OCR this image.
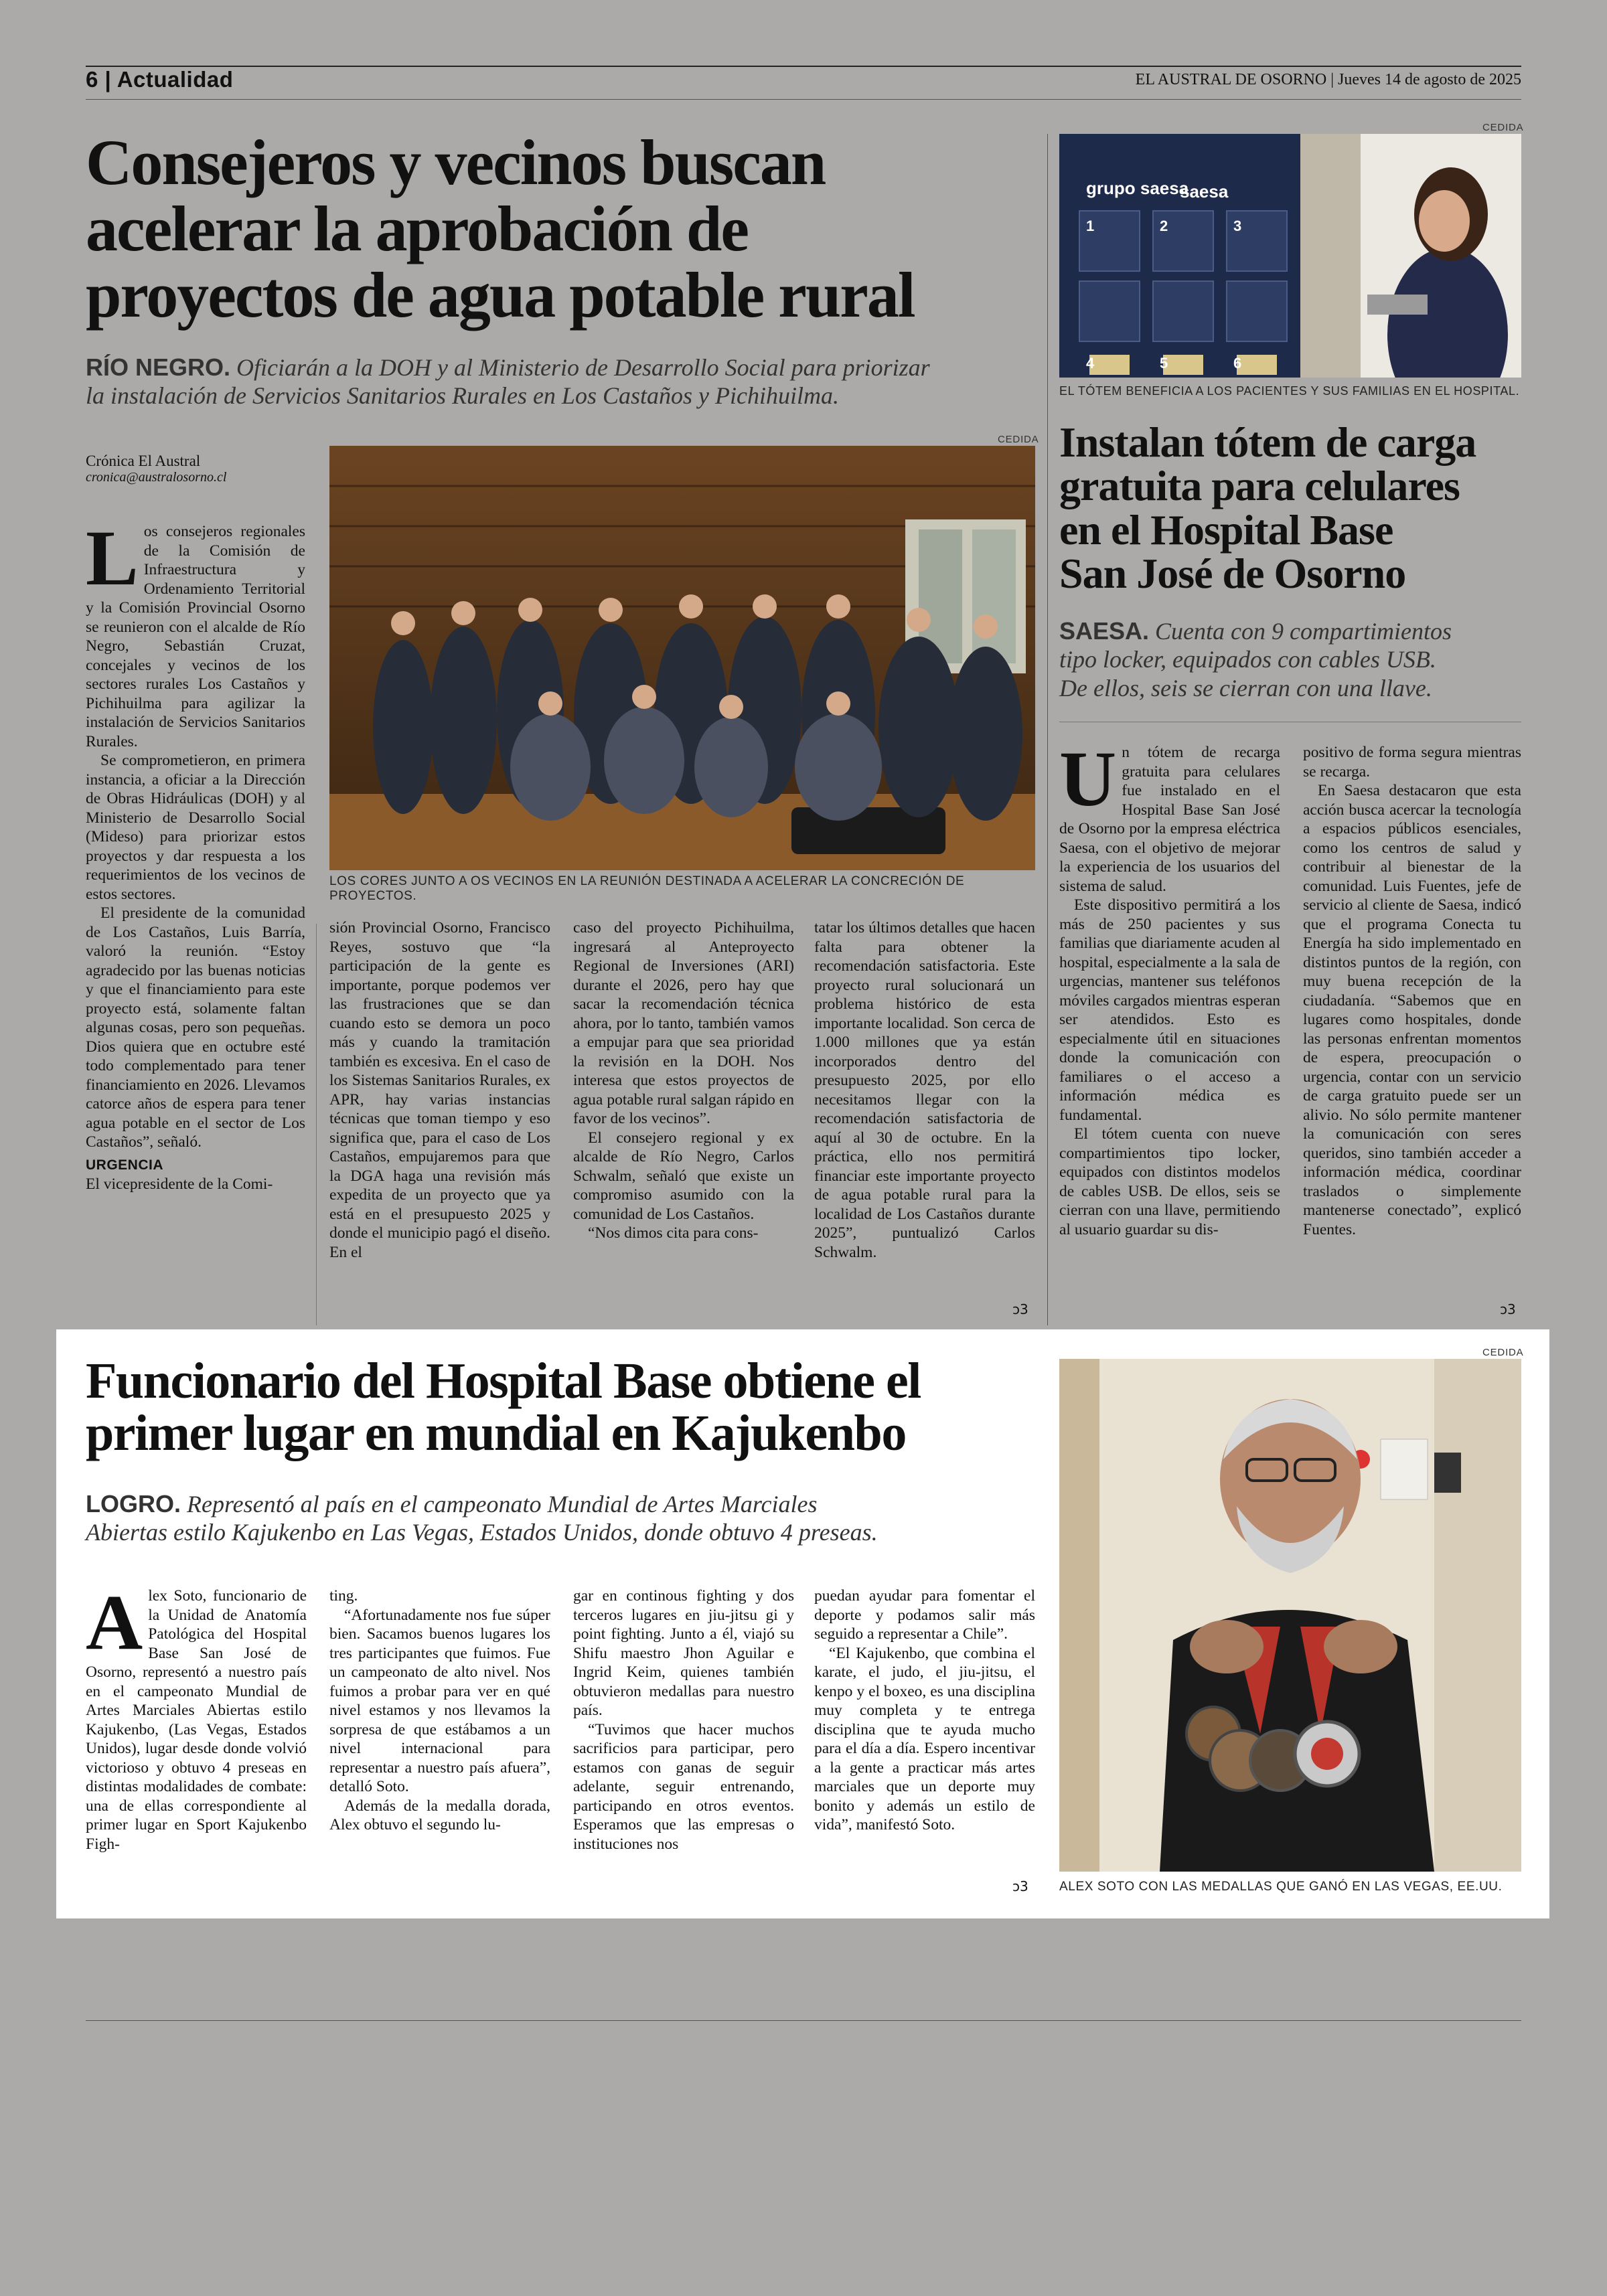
6 | Actualidad	EL AUSTRAL DE OSORNO | Jueves 14 de agosto de 2025
Consejeros y vecinos buscan
acelerar la aprobación de
proyectos de agua potable rural
RÍO NEGRO. Oficiarán a la DOH y al Ministerio de Desarrollo Social para priorizar
la instalación de Servicios Sanitarios Rurales en Los Castaños y Pichihuilma.
Crónica El Austral
cronica@australosorno.cl
CEDIDA
LOS CORES JUNTO A OS VECINOS EN LA REUNIÓN DESTINADA A ACELERAR LA CONCRECIÓN DE PROYECTOS.
L os consejeros regionales de la Comisión de Infraestructura y Ordenamiento Territorial y la Comisión Provincial Osorno se reunieron con el alcalde de Río Negro, Sebastián Cruzat, concejales y vecinos de los sectores rurales Los Castaños y Pichihuilma para agilizar la instalación de Servicios Sanitarios Rurales.

Se comprometieron, en primera instancia, a oficiar a la Dirección de Obras Hidráulicas (DOH) y al Ministerio de Desarrollo Social (Mideso) para priorizar estos proyectos y dar respuesta a los requerimientos de los vecinos de estos sectores.

El presidente de la comunidad de Los Castaños, Luis Barría, valoró la reunión. “Estoy agradecido por las buenas noticias y que el financiamiento para este proyecto está, solamente faltan algunas cosas, pero son pequeñas. Dios quiera que en octubre esté todo complementado para tener financiamiento en 2026. Llevamos catorce años de espera para tener agua potable en el sector de Los Castaños”, señaló.

URGENCIA

El vicepresidente de la Comi-

sión Provincial Osorno, Francisco Reyes, sostuvo que “la participación de la gente es importante, porque podemos ver las frustraciones que se dan cuando esto se demora un poco más y cuando la tramitación también es excesiva. En el caso de los Sistemas Sanitarios Rurales, ex APR, hay varias instancias técnicas que toman tiempo y eso significa que, para el caso de Los Castaños, empujaremos para que la DGA haga una revisión más expedita de un proyecto que ya está en el presupuesto 2025 y donde el municipio pagó el diseño. En el

caso del proyecto Pichihuilma, ingresará al Anteproyecto Regional de Inversiones (ARI) durante el 2026, pero hay que sacar la recomendación técnica ahora, por lo tanto, también vamos a empujar para que sea prioridad la revisión en la DOH. Nos interesa que estos proyectos de agua potable rural salgan rápido en favor de los vecinos”.

El consejero regional y ex alcalde de Río Negro, Carlos Schwalm, señaló que existe un compromiso asumido con la comunidad de Los Castaños.

“Nos dimos cita para cons-

tatar los últimos detalles que hacen falta para obtener la recomendación satisfactoria. Este proyecto rural solucionará un problema histórico de esta importante localidad. Son cerca de 1.000 millones que ya están incorporados dentro del presupuesto 2025, por ello necesitamos llegar con la recomendación satisfactoria de aquí al 30 de octubre. En la práctica, ello nos permitirá financiar este importante proyecto de agua potable rural para la localidad de Los Castaños durante 2025”, puntualizó Carlos Schwalm.

ↄ3
CEDIDA
grupo saesa
saesa
1	2	3
4	5	6
EL TÓTEM BENEFICIA A LOS PACIENTES Y SUS FAMILIAS EN EL HOSPITAL.
Instalan tótem de carga
gratuita para celulares
en el Hospital Base
San José de Osorno
SAESA. Cuenta con 9 compartimientos
tipo locker, equipados con cables USB.
De ellos, seis se cierran con una llave.
U n tótem de recarga gratuita para celulares fue instalado en el Hospital Base San José de Osorno por la empresa eléctrica Saesa, con el objetivo de mejorar la experiencia de los usuarios del sistema de salud.

Este dispositivo permitirá a los más de 250 pacientes y sus familias que diariamente acuden al hospital, especialmente a la sala de urgencias, mantener sus teléfonos móviles cargados mientras esperan ser atendidos. Esto es especialmente útil en situaciones donde la comunicación con familiares o el acceso a información médica es fundamental.

El tótem cuenta con nueve compartimientos tipo locker, equipados con distintos modelos de cables USB. De ellos, seis se cierran con una llave, permitiendo al usuario guardar su dis-

positivo de forma segura mientras se recarga.

En Saesa destacaron que esta acción busca acercar la tecnología a espacios públicos esenciales, como los centros de salud y contribuir al bienestar de la comunidad. Luis Fuentes, jefe de servicio al cliente de Saesa, indicó que el programa Conecta tu Energía ha sido implementado en distintos puntos de la región, con muy buena recepción de la ciudadanía. “Sabemos que en lugares como hospitales, donde las personas enfrentan momentos de espera, preocupación o urgencia, contar con un servicio de carga gratuito puede ser un alivio. No sólo permite mantener la comunicación con seres queridos, sino también acceder a información médica, coordinar traslados o simplemente mantenerse conectado”, explicó Fuentes.

ↄ3
Funcionario del Hospital Base obtiene el
primer lugar en mundial en Kajukenbo
LOGRO. Representó al país en el campeonato Mundial de Artes Marciales
Abiertas estilo Kajukenbo en Las Vegas, Estados Unidos, donde obtuvo 4 preseas.
A lex Soto, funcionario de la Unidad de Anatomía Patológica del Hospital Base San José de Osorno, representó a nuestro país en el campeonato Mundial de Artes Marciales Abiertas estilo Kajukenbo, (Las Vegas, Estados Unidos), lugar desde donde volvió victorioso y obtuvo 4 preseas en distintas modalidades de combate: una de ellas correspondiente al primer lugar en Sport Kajukenbo Figh-

ting.

“Afortunadamente nos fue súper bien. Sacamos buenos lugares los tres participantes que fuimos. Fue un campeonato de alto nivel. Nos fuimos a probar para ver en qué nivel estamos y nos llevamos la sorpresa de que estábamos a un nivel internacional para representar a nuestro país afuera”, detalló Soto.

Además de la medalla dorada, Alex obtuvo el segundo lu-

gar en continous fighting y dos terceros lugares en jiu-jitsu gi y point fighting. Junto a él, viajó su Shifu maestro Jhon Aguilar e Ingrid Keim, quienes también obtuvieron medallas para nuestro país.

“Tuvimos que hacer muchos sacrificios para participar, pero estamos con ganas de seguir adelante, seguir entrenando, participando en otros eventos. Esperamos que las empresas o instituciones nos

puedan ayudar para fomentar el deporte y podamos salir más seguido a representar a Chile”.

“El Kajukenbo, que combina el karate, el judo, el jiu-jitsu, el kenpo y el boxeo, es una disciplina muy completa y te entrega disciplina que te ayuda mucho para el día a día. Espero incentivar a la gente a practicar más artes marciales que un deporte muy bonito y además un estilo de vida”, manifestó Soto.

ↄ3
CEDIDA
ALEX SOTO CON LAS MEDALLAS QUE GANÓ EN LAS VEGAS, EE.UU.
